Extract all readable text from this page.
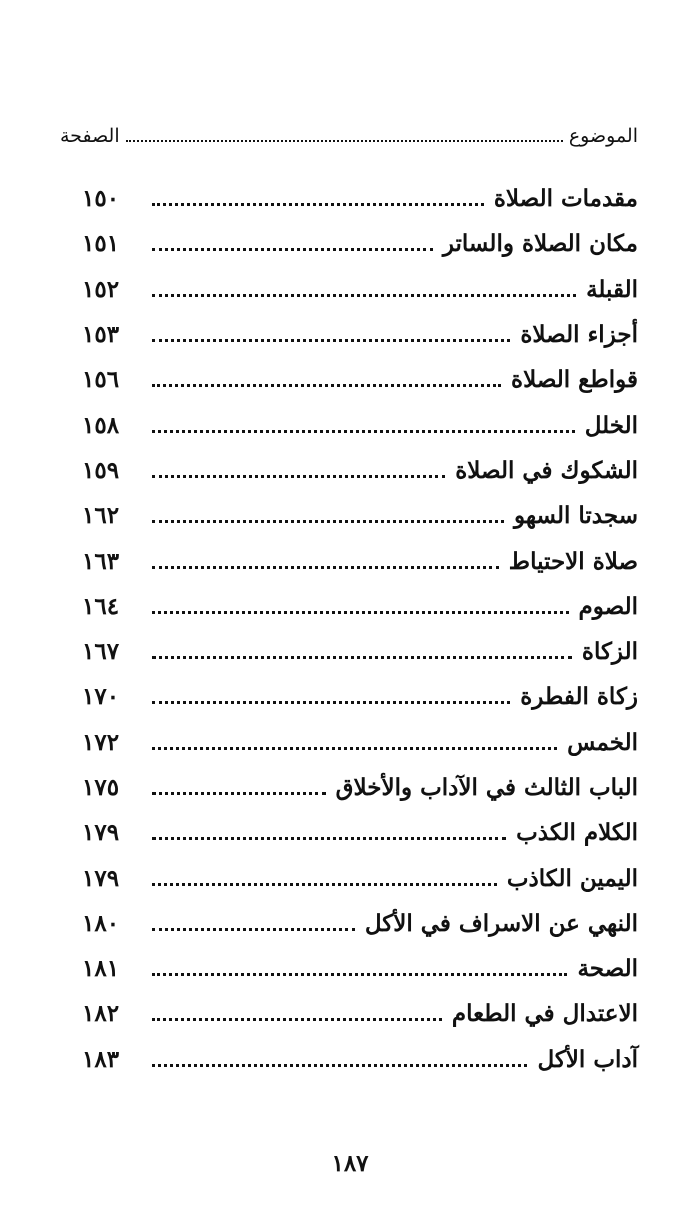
الموضوع
الصفحة
مقدمات الصلاة
١٥٠
مكان الصلاة والساتر
١٥١
القبلة
١٥٢
أجزاء الصلاة
١٥٣
قواطع الصلاة
١٥٦
الخلل
١٥٨
الشكوك في الصلاة
١٥٩
سجدتا السهو
١٦٢
صلاة الاحتياط
١٦٣
الصوم
١٦٤
الزكاة
١٦٧
زكاة الفطرة
١٧٠
الخمس
١٧٢
الباب الثالث في الآداب والأخلاق
١٧٥
الكلام الكذب
١٧٩
اليمين الكاذب
١٧٩
النهي عن الاسراف في الأكل
١٨٠
الصحة
١٨١
الاعتدال في الطعام
١٨٢
آداب الأكل
١٨٣
١٨٧
